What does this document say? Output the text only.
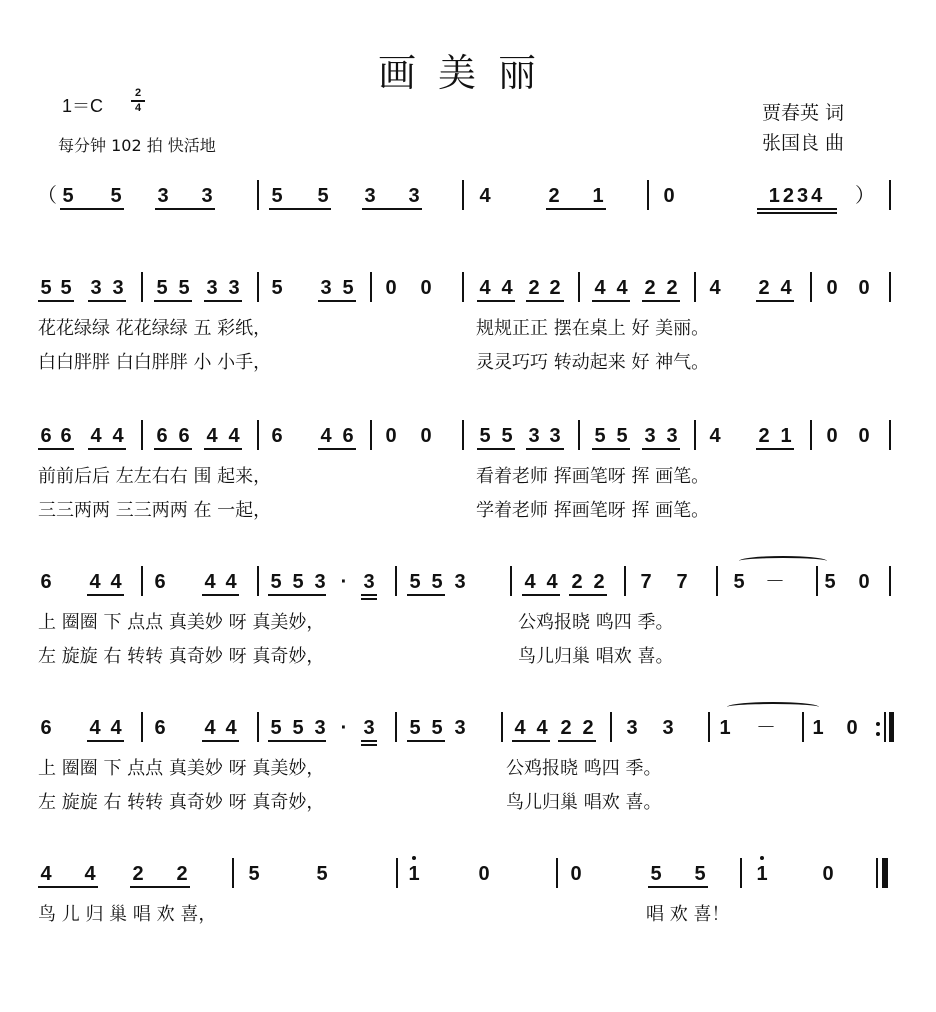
画美丽
1＝C
2
4
每分钟 102 拍 快活地
贾春英 词
张国良 曲
（ 5 5 3 3	5 5 3 3	4	2 1	0	1234	）
5 5 3 3 5 5 3 3 5 3 5 0 0 4 4 2 2 4 4 2 2 4 2 4 0 0
花花绿绿 花花绿绿 五 彩纸，	规规正正 摆在桌上 好 美丽。
白白胖胖 白白胖胖 小 小手，	灵灵巧巧 转动起来 好 神气。
6 6 4 4 6 6 4 4 6 4 6 0 0 5 5 3 3 5 5 3 3 4 2 1 0 0
前前后后 左左右右 围 起来，	看着老师 挥画笔呀 挥 画笔。
三三两两 三三两两 在 一起，	学着老师 挥画笔呀 挥 画笔。
6 4 4 6 4 4 5 5 3 · 3 5 5 3	4 4 2 2 7 7 5 － 5 0
上 圈圈 下 点点 真美妙 呀 真美妙，	公鸡报晓 鸣四 季。
左 旋旋 右 转转 真奇妙 呀 真奇妙，	鸟儿归巢 唱欢 喜。
6 4 4 6 4 4 5 5 3 · 3 5 5 3 4 4 2 2 3 3 1 － 1 0
上 圈圈 下 点点 真美妙 呀 真美妙，	公鸡报晓 鸣四 季。
左 旋旋 右 转转 真奇妙 呀 真奇妙，	鸟儿归巢 唱欢 喜。
4 4 2 2	5	5	1	0	0	5 5	1	0
鸟 儿 归 巢 唱 欢 喜，	唱 欢 喜！
